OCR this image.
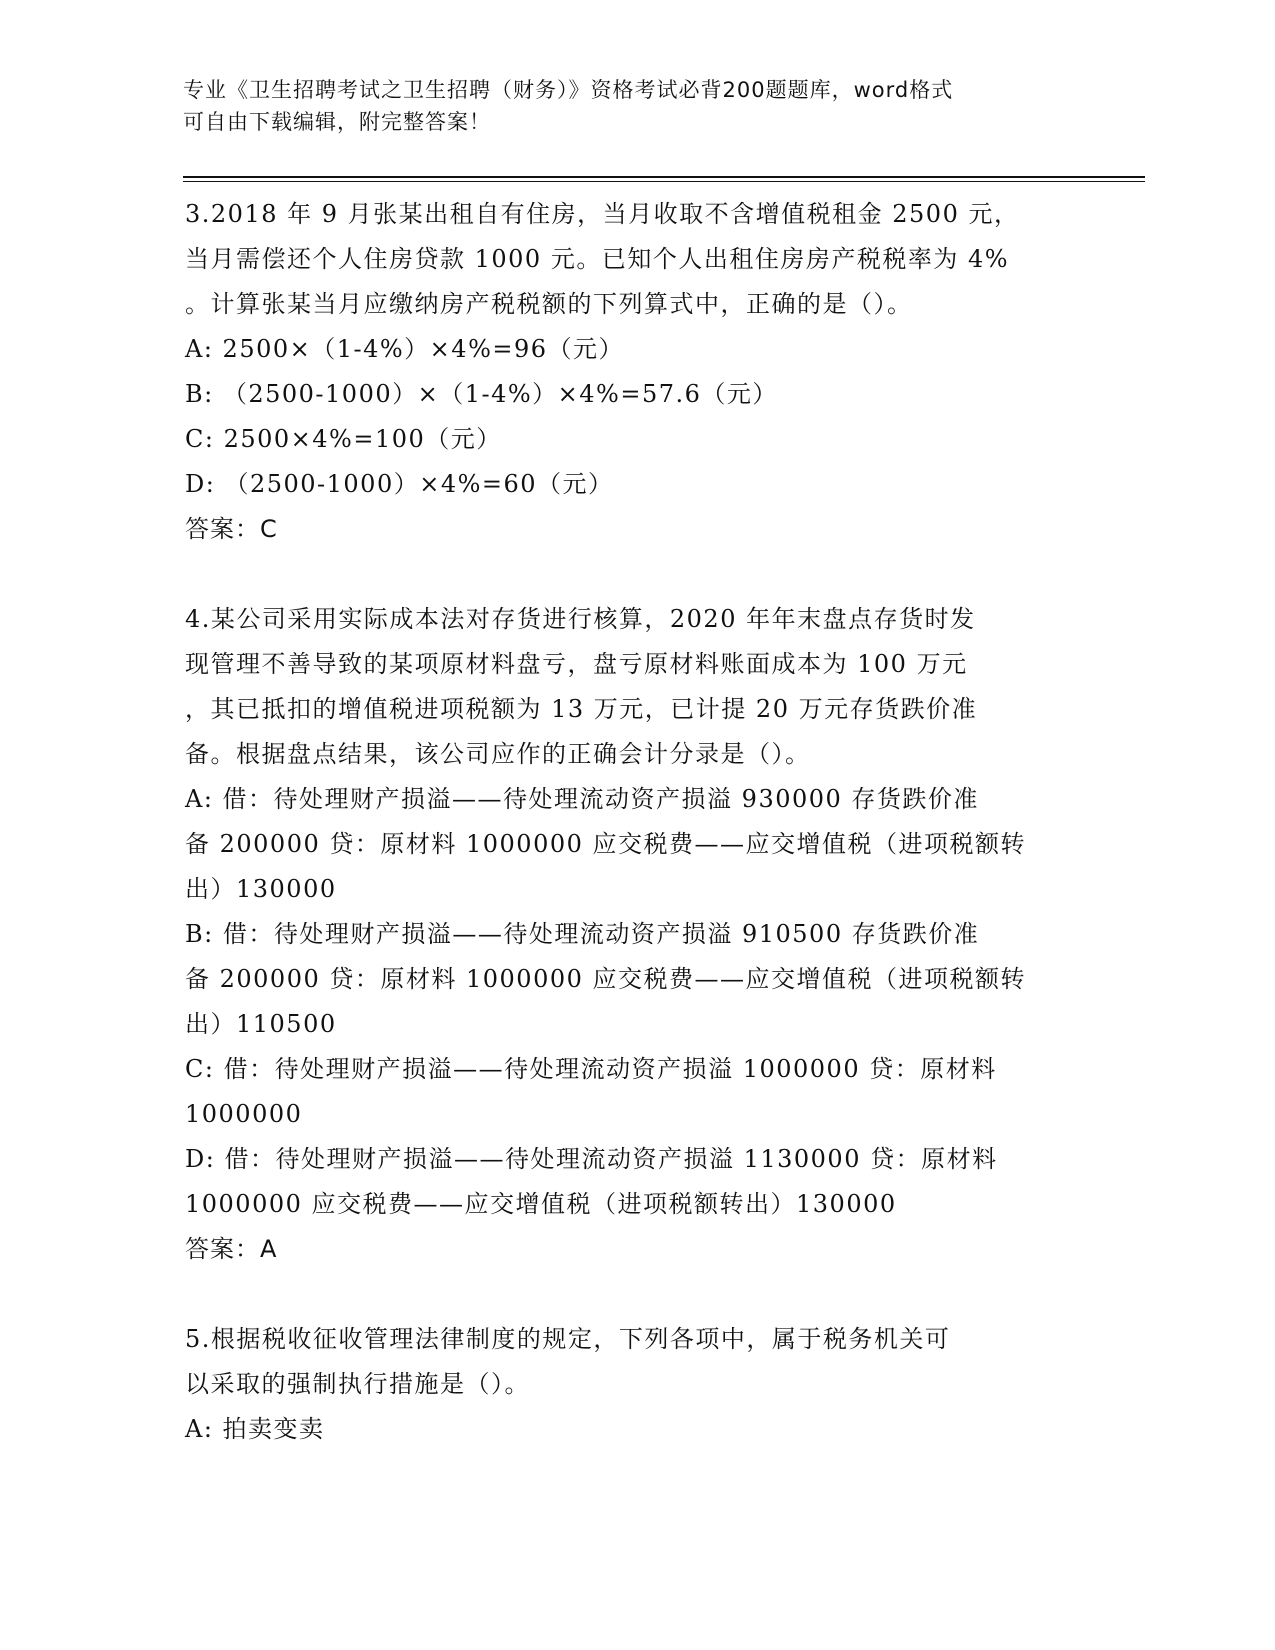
专业《卫生招聘考试之卫生招聘（财务）》资格考试必背200题题库，word格式
可自由下载编辑，附完整答案！
3.2018 年 9 月张某出租自有住房，当月收取不含增值税租金 2500 元，
当月需偿还个人住房贷款 1000 元。已知个人出租住房房产税税率为 4%
。计算张某当月应缴纳房产税税额的下列算式中，正确的是（）。
A: 2500×（1-4%）×4%=96（元）
B: （2500-1000）×（1-4%）×4%=57.6（元）
C: 2500×4%=100（元）
D: （2500-1000）×4%=60（元）
答案：C
4.某公司采用实际成本法对存货进行核算，2020 年年末盘点存货时发
现管理不善导致的某项原材料盘亏，盘亏原材料账面成本为 100 万元
，其已抵扣的增值税进项税额为 13 万元，已计提 20 万元存货跌价准
备。根据盘点结果，该公司应作的正确会计分录是（）。
A: 借：待处理财产损溢——待处理流动资产损溢 930000 存货跌价准
备 200000 贷：原材料 1000000 应交税费——应交增值税（进项税额转
出）130000
B: 借：待处理财产损溢——待处理流动资产损溢 910500 存货跌价准
备 200000 贷：原材料 1000000 应交税费——应交增值税（进项税额转
出）110500
C: 借：待处理财产损溢——待处理流动资产损溢 1000000 贷：原材料
1000000
D: 借：待处理财产损溢——待处理流动资产损溢 1130000 贷：原材料
1000000 应交税费——应交增值税（进项税额转出）130000
答案：A
5.根据税收征收管理法律制度的规定，下列各项中，属于税务机关可
以采取的强制执行措施是（）。
A: 拍卖变卖
